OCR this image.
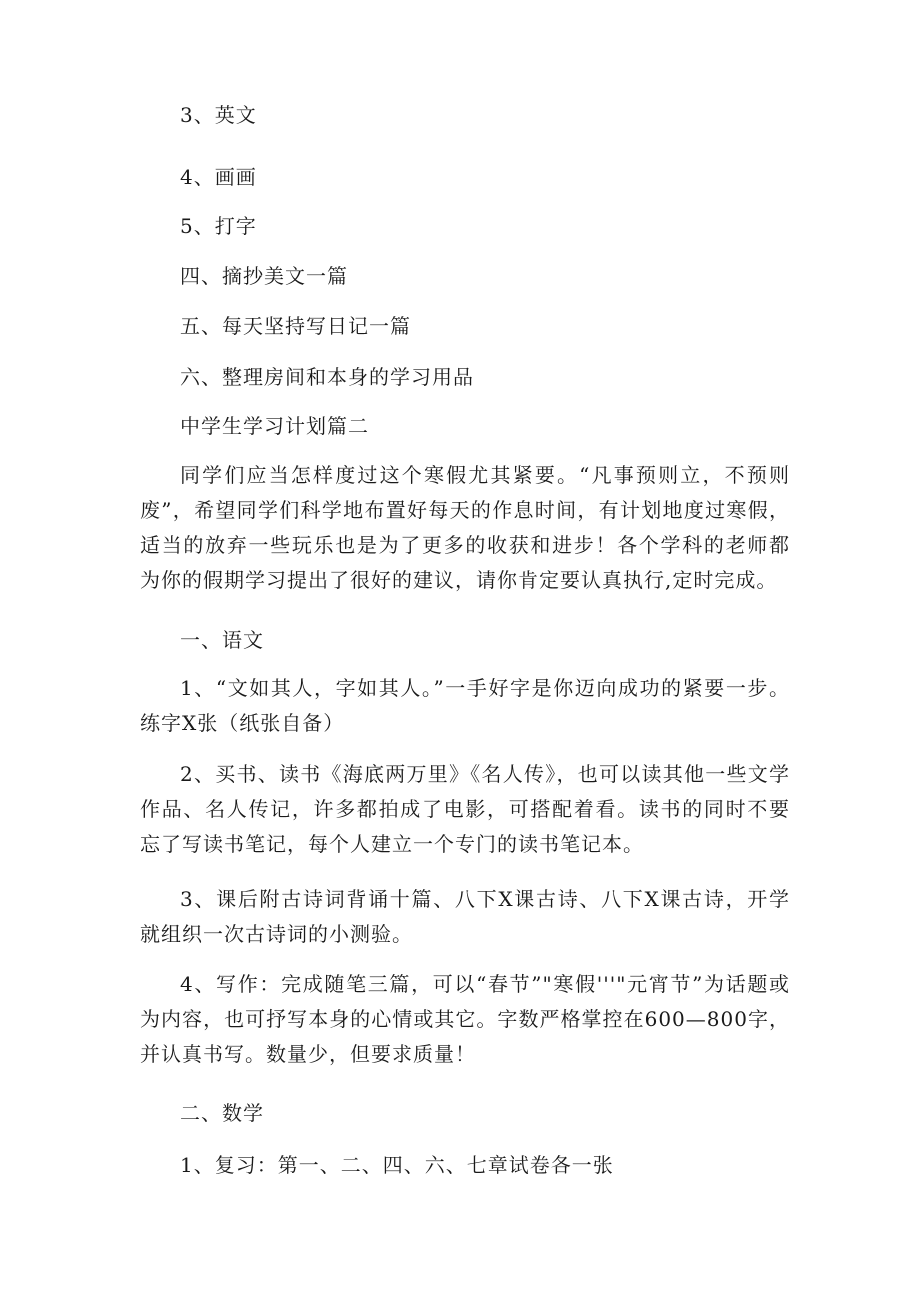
3、英文
4、画画
5、打字
四、摘抄美文一篇
五、每天坚持写日记一篇
六、整理房间和本身的学习用品
中学生学习计划篇二
同学们应当怎样度过这个寒假尤其紧要。“凡事预则立，不预则废”，希望同学们科学地布置好每天的作息时间，有计划地度过寒假，适当的放弃一些玩乐也是为了更多的收获和进步！各个学科的老师都为你的假期学习提出了很好的建议，请你肯定要认真执行,定时完成。
一、语文
1、“文如其人，字如其人。”一手好字是你迈向成功的紧要一步。练字X张（纸张自备）
2、买书、读书《海底两万里》《名人传》，也可以读其他一些文学作品、名人传记，许多都拍成了电影，可搭配着看。读书的同时不要忘了写读书笔记，每个人建立一个专门的读书笔记本。
3、课后附古诗词背诵十篇、八下X课古诗、八下X课古诗，开学就组织一次古诗词的小测验。
4、写作：完成随笔三篇，可以“春节”"寒假'''"元宵节”为话题或为内容，也可抒写本身的心情或其它。字数严格掌控在600—800字，并认真书写。数量少，但要求质量！
二、数学
1、复习：第一、二、四、六、七章试卷各一张
